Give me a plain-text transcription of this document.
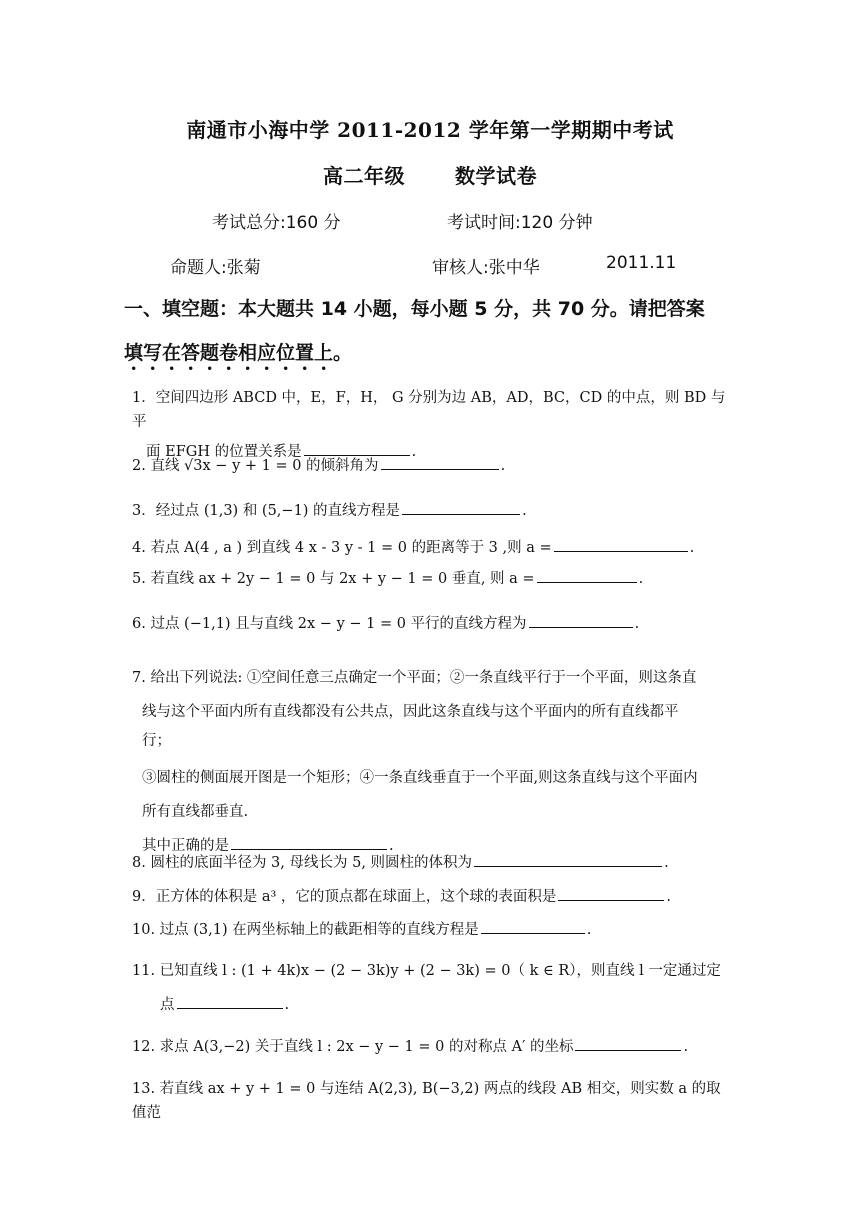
南通市小海中学 2011-2012 学年第一学期期中考试
高二年级	数学试卷
考试总分:160 分	考试时间:120 分钟
命题人:张菊	审核人:张中华	2011.11
一、填空题：本大题共 14 小题，每小题 5 分，共 70 分。请把答案
填写在答题卷相应位置上。
1．空间四边形 ABCD 中，E，F，H， G 分别为边 AB，AD，BC，CD 的中点，则 BD 与平
面 EFGH 的位置关系是	.
2. 直线 √3x − y + 1 = 0 的倾斜角为	.
3．经过点 (1,3) 和 (5,−1) 的直线方程是	.
4. 若点 A(4 , a ) 到直线 4 x - 3 y - 1 = 0 的距离等于 3 ,则 a =	.
5. 若直线 ax + 2y − 1 = 0 与 2x + y − 1 = 0 垂直, 则 a =	.
6. 过点 (−1,1) 且与直线 2x − y − 1 = 0 平行的直线方程为	.
7. 给出下列说法: ①空间任意三点确定一个平面；②一条直线平行于一个平面，则这条直
线与这个平面内所有直线都没有公共点，因此这条直线与这个平面内的所有直线都平
行；
③圆柱的侧面展开图是一个矩形；④一条直线垂直于一个平面,则这条直线与这个平面内
所有直线都垂直.
其中正确的是	.
8. 圆柱的底面半径为 3, 母线长为 5, 则圆柱的体积为	.
9．正方体的体积是 a³ ，它的顶点都在球面上，这个球的表面积是	.
10. 过点 (3,1) 在两坐标轴上的截距相等的直线方程是	.
11. 已知直线 l : (1 + 4k)x − (2 − 3k)y + (2 − 3k) = 0（ k ∈ R），则直线 l 一定通过定
点	.
12. 求点 A(3,−2) 关于直线 l : 2x − y − 1 = 0 的对称点 A′ 的坐标	.
13. 若直线 ax + y + 1 = 0 与连结 A(2,3), B(−3,2) 两点的线段 AB 相交，则实数 a 的取值范
